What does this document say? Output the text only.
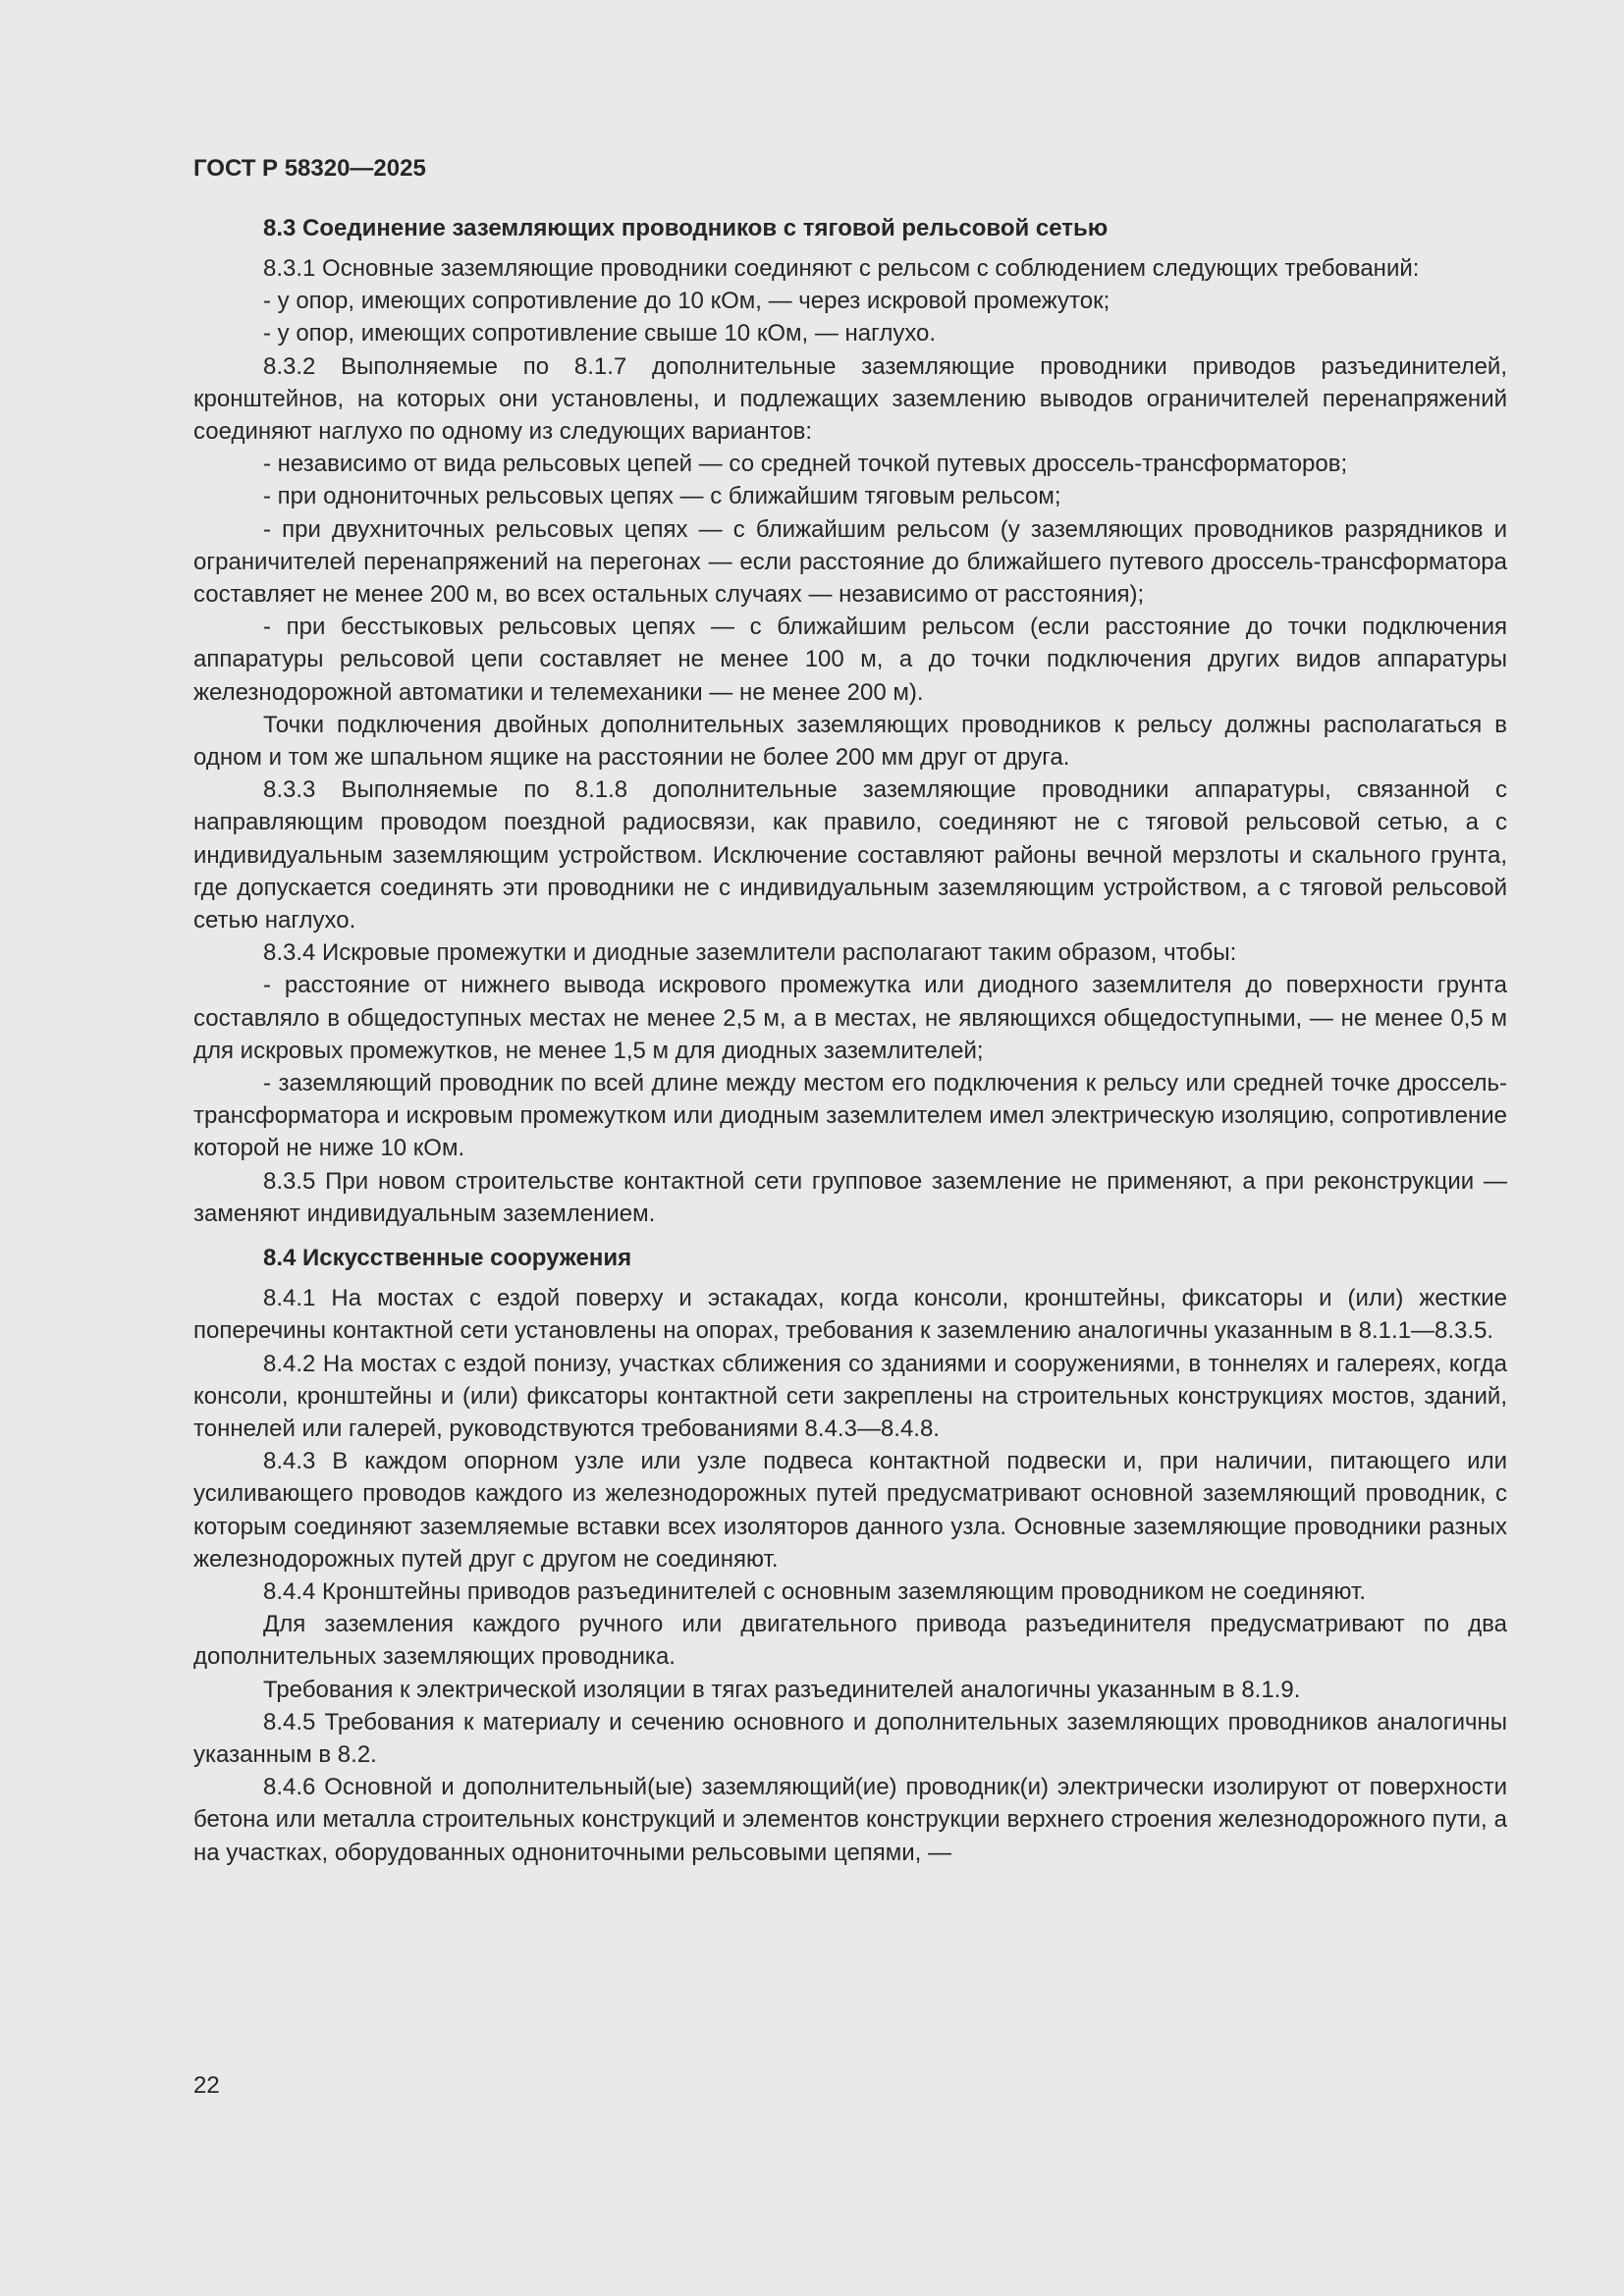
ГОСТ Р 58320—2025
8.3 Соединение заземляющих проводников с тяговой рельсовой сетью

8.3.1 Основные заземляющие проводники соединяют с рельсом с соблюдением следующих требований:

- у опор, имеющих сопротивление до 10 кОм, — через искровой промежуток;

- у опор, имеющих сопротивление свыше 10 кОм, — наглухо.

8.3.2 Выполняемые по 8.1.7 дополнительные заземляющие проводники приводов разъединителей, кронштейнов, на которых они установлены, и подлежащих заземлению выводов ограничителей перенапряжений соединяют наглухо по одному из следующих вариантов:

- независимо от вида рельсовых цепей — со средней точкой путевых дроссель-трансформаторов;

- при однониточных рельсовых цепях — с ближайшим тяговым рельсом;

- при двухниточных рельсовых цепях — с ближайшим рельсом (у заземляющих проводников разрядников и ограничителей перенапряжений на перегонах — если расстояние до ближайшего путевого дроссель-трансформатора составляет не менее 200 м, во всех остальных случаях — независимо от расстояния);

- при бесстыковых рельсовых цепях — с ближайшим рельсом (если расстояние до точки подключения аппаратуры рельсовой цепи составляет не менее 100 м, а до точки подключения других видов аппаратуры железнодорожной автоматики и телемеханики — не менее 200 м).

Точки подключения двойных дополнительных заземляющих проводников к рельсу должны располагаться в одном и том же шпальном ящике на расстоянии не более 200 мм друг от друга.

8.3.3 Выполняемые по 8.1.8 дополнительные заземляющие проводники аппаратуры, связанной с направляющим проводом поездной радиосвязи, как правило, соединяют не с тяговой рельсовой сетью, а с индивидуальным заземляющим устройством. Исключение составляют районы вечной мерзлоты и скального грунта, где допускается соединять эти проводники не с индивидуальным заземляющим устройством, а с тяговой рельсовой сетью наглухо.

8.3.4 Искровые промежутки и диодные заземлители располагают таким образом, чтобы:

- расстояние от нижнего вывода искрового промежутка или диодного заземлителя до поверхности грунта составляло в общедоступных местах не менее 2,5 м, а в местах, не являющихся общедоступными, — не менее 0,5 м для искровых промежутков, не менее 1,5 м для диодных заземлителей;

- заземляющий проводник по всей длине между местом его подключения к рельсу или средней точке дроссель-трансформатора и искровым промежутком или диодным заземлителем имел электрическую изоляцию, сопротивление которой не ниже 10 кОм.

8.3.5 При новом строительстве контактной сети групповое заземление не применяют, а при реконструкции — заменяют индивидуальным заземлением.

8.4 Искусственные сооружения

8.4.1 На мостах с ездой поверху и эстакадах, когда консоли, кронштейны, фиксаторы и (или) жесткие поперечины контактной сети установлены на опорах, требования к заземлению аналогичны указанным в 8.1.1—8.3.5.

8.4.2 На мостах с ездой понизу, участках сближения со зданиями и сооружениями, в тоннелях и галереях, когда консоли, кронштейны и (или) фиксаторы контактной сети закреплены на строительных конструкциях мостов, зданий, тоннелей или галерей, руководствуются требованиями 8.4.3—8.4.8.

8.4.3 В каждом опорном узле или узле подвеса контактной подвески и, при наличии, питающего или усиливающего проводов каждого из железнодорожных путей предусматривают основной заземляющий проводник, с которым соединяют заземляемые вставки всех изоляторов данного узла. Основные заземляющие проводники разных железнодорожных путей друг с другом не соединяют.

8.4.4 Кронштейны приводов разъединителей с основным заземляющим проводником не соединяют.

Для заземления каждого ручного или двигательного привода разъединителя предусматривают по два дополнительных заземляющих проводника.

Требования к электрической изоляции в тягах разъединителей аналогичны указанным в 8.1.9.

8.4.5 Требования к материалу и сечению основного и дополнительных заземляющих проводников аналогичны указанным в 8.2.

8.4.6 Основной и дополнительный(ые) заземляющий(ие) проводник(и) электрически изолируют от поверхности бетона или металла строительных конструкций и элементов конструкции верхнего строения железнодорожного пути, а на участках, оборудованных однониточными рельсовыми цепями, —

22
